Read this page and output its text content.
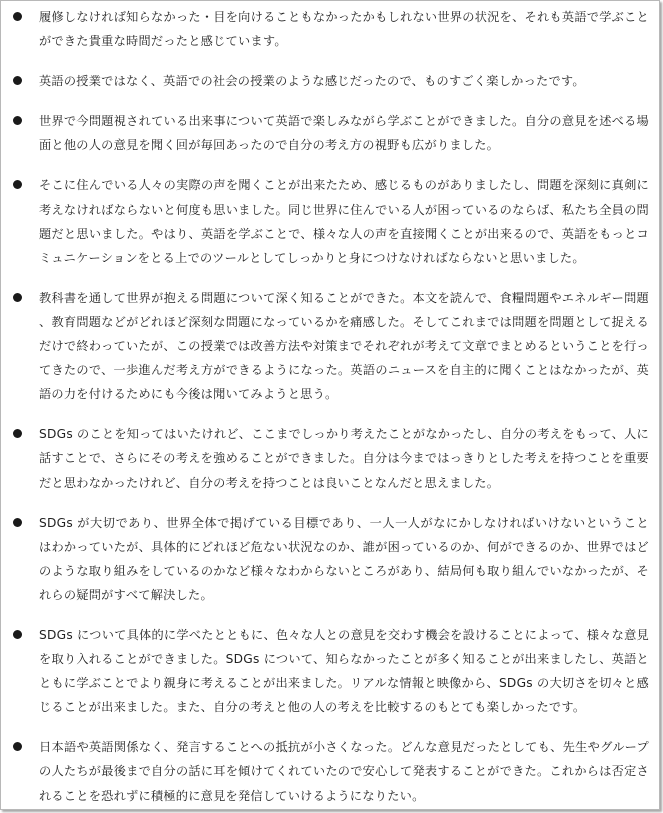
履修しなければ知らなかった・目を向けることもなかったかもしれない世界の状況を、それも英語で学ぶことができた貴重な時間だったと感じています。
英語の授業ではなく、英語での社会の授業のような感じだったので、ものすごく楽しかったです。
世界で今問題視されている出来事について英語で楽しみながら学ぶことができました。自分の意見を述べる場面と他の人の意見を聞く回が毎回あったので自分の考え方の視野も広がりました。
そこに住んでいる人々の実際の声を聞くことが出来たため、感じるものがありましたし、問題を深刻に真剣に考えなければならないと何度も思いました。同じ世界に住んでいる人が困っているのならば、私たち全員の問題だと思いました。やはり、英語を学ぶことで、様々な人の声を直接聞くことが出来るので、英語をもっとコミュニケーションをとる上でのツールとしてしっかりと身につけなければならないと思いました。
教科書を通して世界が抱える問題について深く知ることができた。本文を読んで、食糧問題やエネルギー問題、教育問題などがどれほど深刻な問題になっているかを痛感した。そしてこれまでは問題を問題として捉えるだけで終わっていたが、この授業では改善方法や対策までそれぞれが考えて文章でまとめるということを行ってきたので、一歩進んだ考え方ができるようになった。英語のニュースを自主的に聞くことはなかったが、英語の力を付けるためにも今後は聞いてみようと思う。
SDGs のことを知ってはいたけれど、ここまでしっかり考えたことがなかったし、自分の考えをもって、人に話すことで、さらにその考えを強めることができました。自分は今まではっきりとした考えを持つことを重要だと思わなかったけれど、自分の考えを持つことは良いことなんだと思えました。
SDGs が大切であり、世界全体で掲げている目標であり、一人一人がなにかしなければいけないということはわかっていたが、具体的にどれほど危ない状況なのか、誰が困っているのか、何ができるのか、世界ではどのような取り組みをしているのかなど様々なわからないところがあり、結局何も取り組んでいなかったが、それらの疑問がすべて解決した。
SDGs について具体的に学べたとともに、色々な人との意見を交わす機会を設けることによって、様々な意見を取り入れることができました。SDGs について、知らなかったことが多く知ることが出来ましたし、英語とともに学ぶことでより親身に考えることが出来ました。リアルな情報と映像から、SDGs の大切さを切々と感じることが出来ました。また、自分の考えと他の人の考えを比較するのもとても楽しかったです。
日本語や英語関係なく、発言することへの抵抗が小さくなった。どんな意見だったとしても、先生やグループの人たちが最後まで自分の話に耳を傾けてくれていたので安心して発表することができた。これからは否定されることを恐れずに積極的に意見を発信していけるようになりたい。
